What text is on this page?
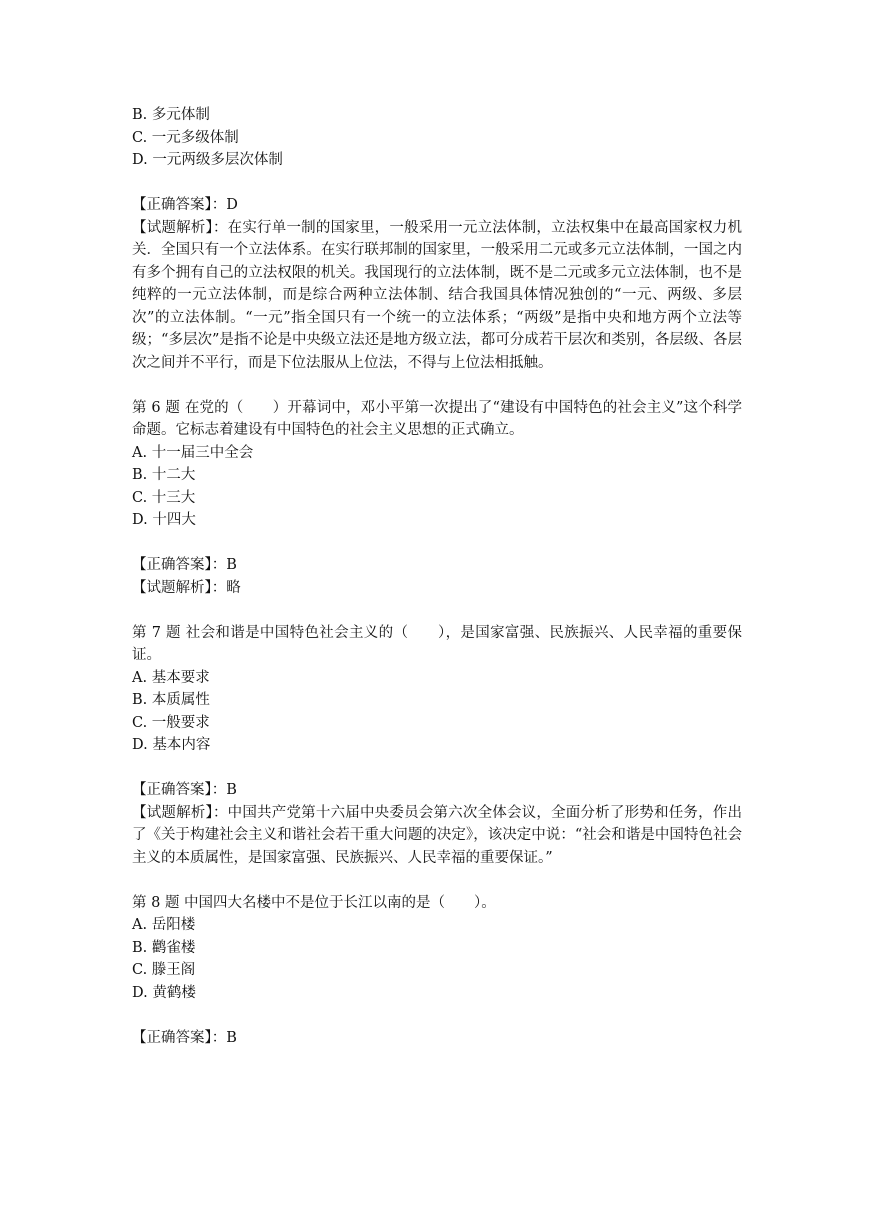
B. 多元体制

C. 一元多级体制

D. 一元两级多层次体制

【正确答案】：D

【试题解析】：在实行单一制的国家里，一般采用一元立法体制，立法权集中在最高国家权力机关．全国只有一个立法体系。在实行联邦制的国家里，一般采用二元或多元立法体制，一国之内有多个拥有自己的立法权限的机关。我国现行的立法体制，既不是二元或多元立法体制，也不是纯粹的一元立法体制，而是综合两种立法体制、结合我国具体情况独创的“一元、两级、多层次”的立法体制。“一元”指全国只有一个统一的立法体系；“两级”是指中央和地方两个立法等级；“多层次”是指不论是中央级立法还是地方级立法，都可分成若干层次和类别，各层级、各层次之间并不平行，而是下位法服从上位法，不得与上位法相抵触。

第 6 题 在党的（　　）开幕词中，邓小平第一次提出了“建设有中国特色的社会主义”这个科学命题。它标志着建设有中国特色的社会主义思想的正式确立。

A. 十一届三中全会

B. 十二大

C. 十三大

D. 十四大

【正确答案】：B

【试题解析】：略

第 7 题 社会和谐是中国特色社会主义的（　　），是国家富强、民族振兴、人民幸福的重要保证。

A. 基本要求

B. 本质属性

C. 一般要求

D. 基本内容

【正确答案】：B

【试题解析】：中国共产党第十六届中央委员会第六次全体会议，全面分析了形势和任务，作出了《关于构建社会主义和谐社会若干重大问题的决定》，该决定中说：“社会和谐是中国特色社会主义的本质属性，是国家富强、民族振兴、人民幸福的重要保证。”

第 8 题 中国四大名楼中不是位于长江以南的是（　　）。

A. 岳阳楼

B. 鹳雀楼

C. 滕王阁

D. 黄鹤楼

【正确答案】：B
